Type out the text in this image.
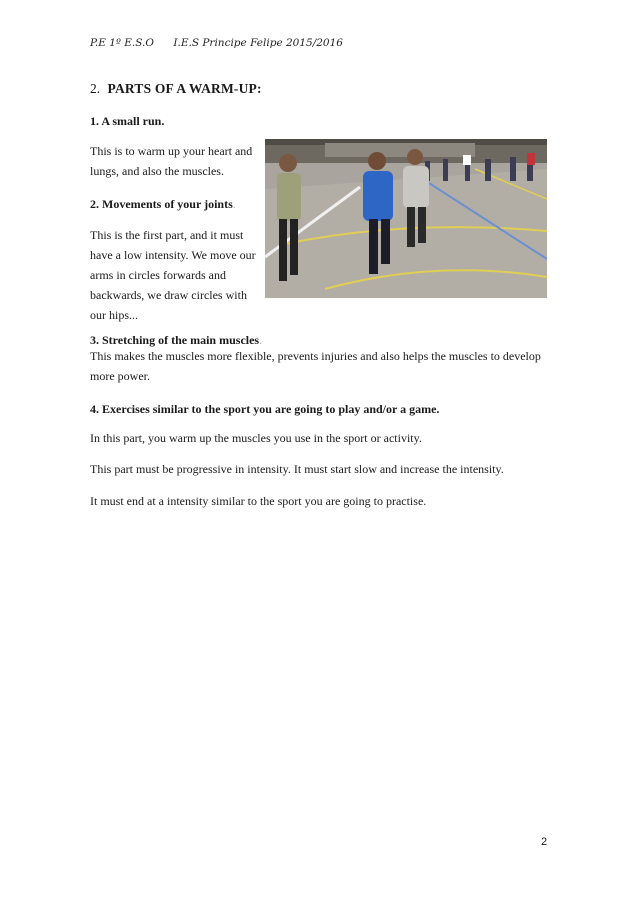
P.E 1º E.S.O I.E.S Principe Felipe 2015/2016
2. PARTS OF A WARM-UP:
1. A small run.
This is to warm up your heart and
lungs, and also the muscles.
2. Movements of your joints.
This is the first part, and it must
have a low intensity. We move our
arms in circles forwards and
backwards, we draw circles with
our hips...
3. Stretching of the main muscles.
This makes the muscles more flexible, prevents injuries and also helps the muscles to develop
more power.
4. Exercises similar to the sport you are going to play and/or a game.
In this part, you warm up the muscles you use in the sport or activity.
This part must be progressive in intensity. It must start slow and increase the intensity.
It must end at a intensity similar to the sport you are going to practise.
2
